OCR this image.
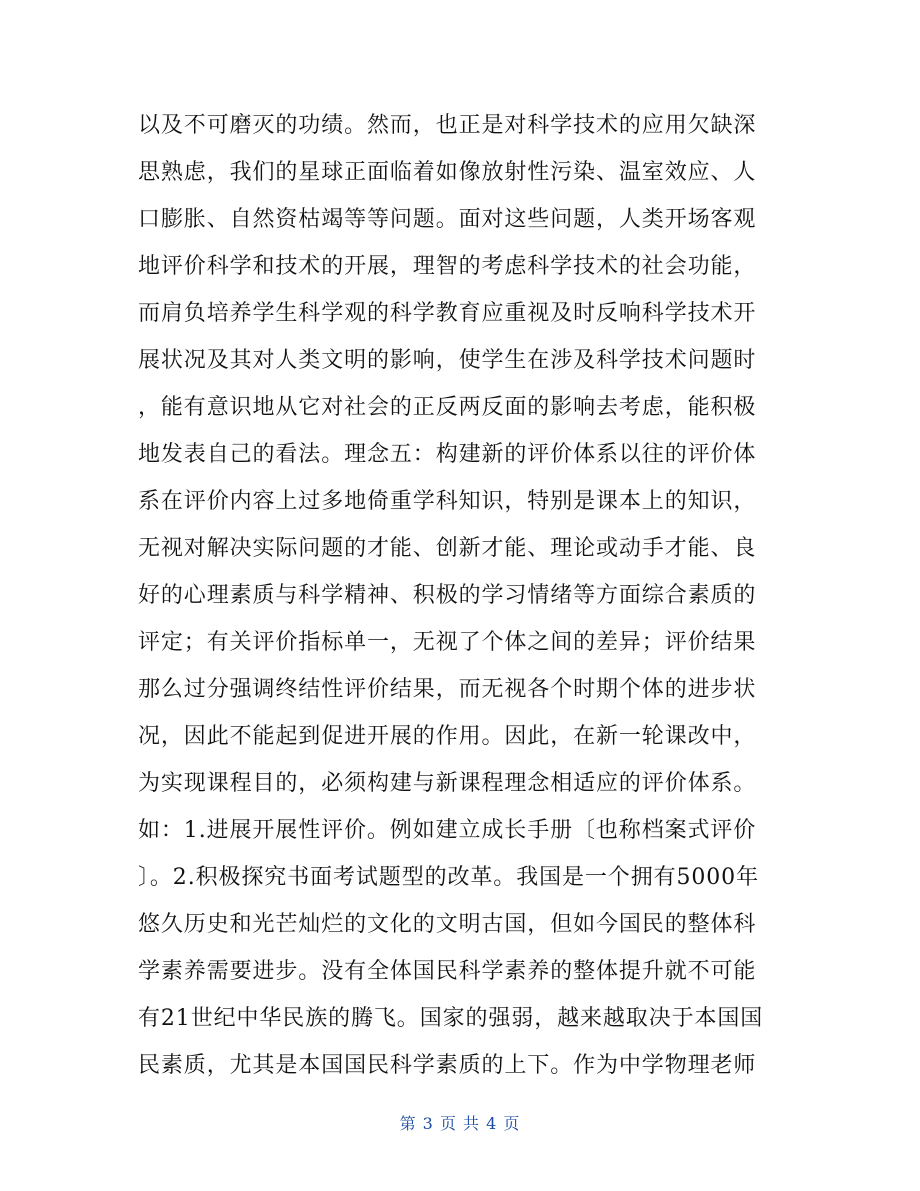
以及不可磨灭的功绩。然而，也正是对科学技术的应用欠缺深
思熟虑，我们的星球正面临着如像放射性污染、温室效应、人
口膨胀、自然资枯竭等等问题。面对这些问题，人类开场客观
地评价科学和技术的开展，理智的考虑科学技术的社会功能，
而肩负培养学生科学观的科学教育应重视及时反响科学技术开
展状况及其对人类文明的影响，使学生在涉及科学技术问题时
，能有意识地从它对社会的正反两反面的影响去考虑，能积极
地发表自己的看法。理念五：构建新的评价体系以往的评价体
系在评价内容上过多地倚重学科知识，特别是课本上的知识，
无视对解决实际问题的才能、创新才能、理论或动手才能、良
好的心理素质与科学精神、积极的学习情绪等方面综合素质的
评定；有关评价指标单一，无视了个体之间的差异；评价结果
那么过分强调终结性评价结果，而无视各个时期个体的进步状
况，因此不能起到促进开展的作用。因此，在新一轮课改中，
为实现课程目的，必须构建与新课程理念相适应的评价体系。
如：1.进展开展性评价。例如建立成长手册〔也称档案式评价
〕。2.积极探究书面考试题型的改革。我国是一个拥有5000年
悠久历史和光芒灿烂的文化的文明古国，但如今国民的整体科
学素养需要进步。没有全体国民科学素养的整体提升就不可能
有21世纪中华民族的腾飞。国家的强弱，越来越取决于本国国
民素质，尤其是本国国民科学素质的上下。作为中学物理老师
第 3 页 共 4 页
